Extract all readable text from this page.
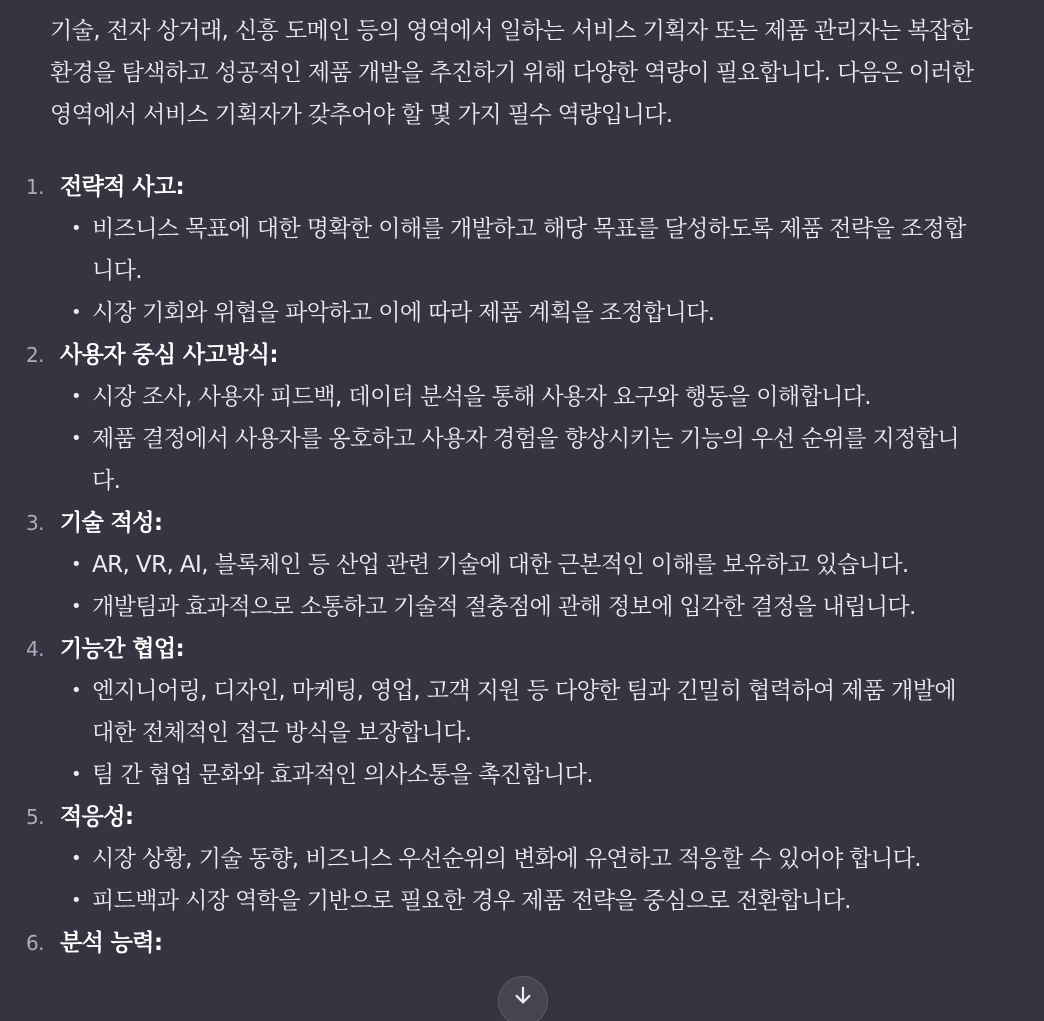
기술, 전자 상거래, 신흥 도메인 등의 영역에서 일하는 서비스 기획자 또는 제품 관리자는 복잡한 환경을 탐색하고 성공적인 제품 개발을 추진하기 위해 다양한 역량이 필요합니다. 다음은 이러한 영역에서 서비스 기획자가 갖추어야 할 몇 가지 필수 역량입니다.

1. 전략적 사고:
• 비즈니스 목표에 대한 명확한 이해를 개발하고 해당 목표를 달성하도록 제품 전략을 조정합니다.
• 시장 기회와 위협을 파악하고 이에 따라 제품 계획을 조정합니다.
2. 사용자 중심 사고방식:
• 시장 조사, 사용자 피드백, 데이터 분석을 통해 사용자 요구와 행동을 이해합니다.
• 제품 결정에서 사용자를 옹호하고 사용자 경험을 향상시키는 기능의 우선 순위를 지정합니다.
3. 기술 적성:
• AR, VR, AI, 블록체인 등 산업 관련 기술에 대한 근본적인 이해를 보유하고 있습니다.
• 개발팀과 효과적으로 소통하고 기술적 절충점에 관해 정보에 입각한 결정을 내립니다.
4. 기능간 협업:
• 엔지니어링, 디자인, 마케팅, 영업, 고객 지원 등 다양한 팀과 긴밀히 협력하여 제품 개발에 대한 전체적인 접근 방식을 보장합니다.
• 팀 간 협업 문화와 효과적인 의사소통을 촉진합니다.
5. 적응성:
• 시장 상황, 기술 동향, 비즈니스 우선순위의 변화에 유연하고 적응할 수 있어야 합니다.
• 피드백과 시장 역학을 기반으로 필요한 경우 제품 전략을 중심으로 전환합니다.
6. 분석 능력:
